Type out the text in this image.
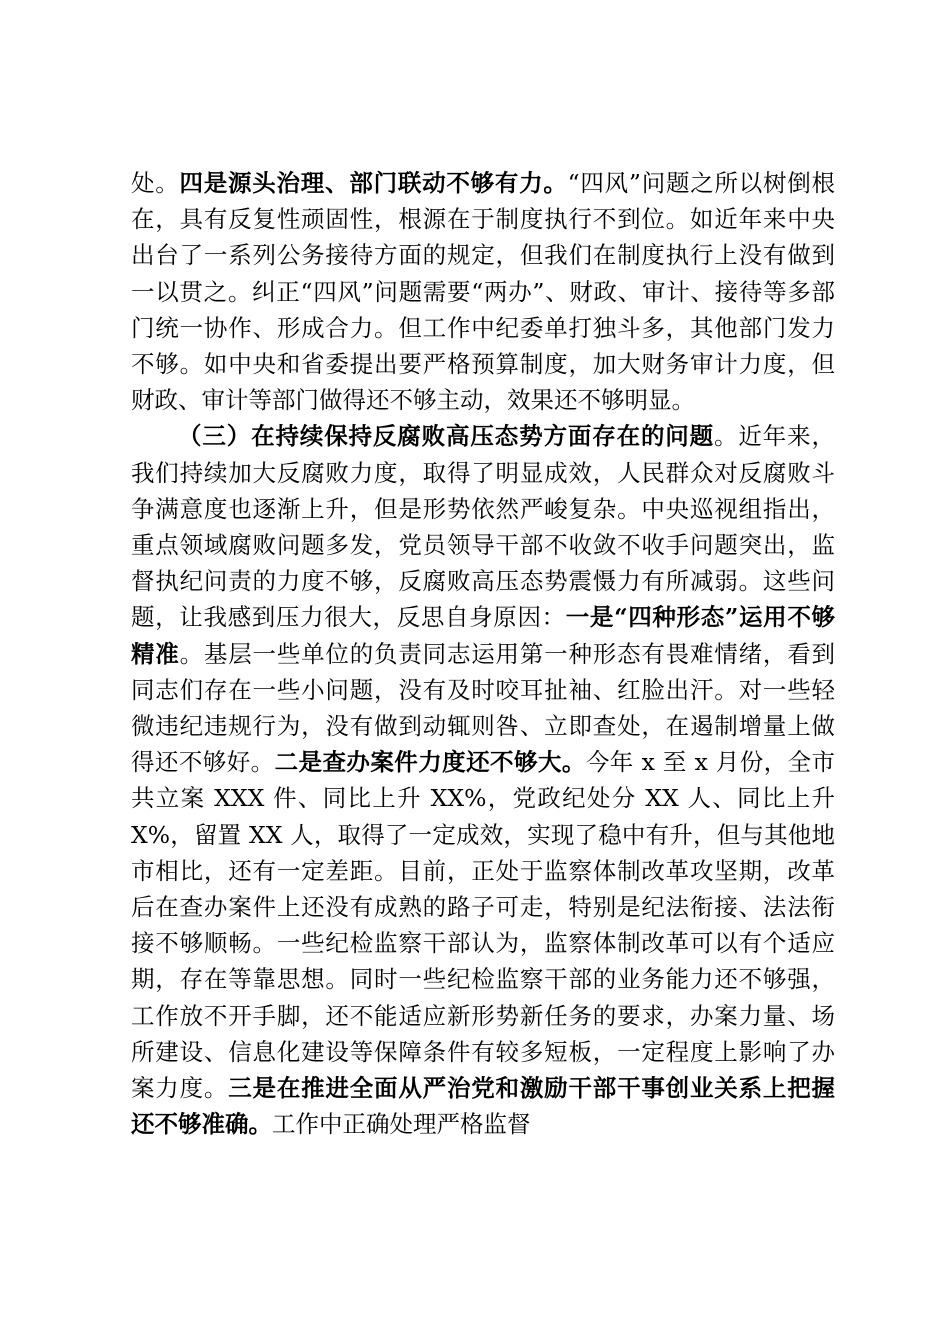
处。四是源头治理、部门联动不够有力。“四风”问题之所以树倒根在，具有反复性顽固性，根源在于制度执行不到位。如近年来中央出台了一系列公务接待方面的规定，但我们在制度执行上没有做到一以贯之。纠正“四风”问题需要“两办”、财政、审计、接待等多部门统一协作、形成合力。但工作中纪委单打独斗多，其他部门发力不够。如中央和省委提出要严格预算制度，加大财务审计力度，但财政、审计等部门做得还不够主动，效果还不够明显。

（三）在持续保持反腐败高压态势方面存在的问题。近年来，我们持续加大反腐败力度，取得了明显成效，人民群众对反腐败斗争满意度也逐渐上升，但是形势依然严峻复杂。中央巡视组指出，重点领域腐败问题多发，党员领导干部不收敛不收手问题突出，监督执纪问责的力度不够，反腐败高压态势震慑力有所减弱。这些问题，让我感到压力很大，反思自身原因：一是“四种形态”运用不够精准。基层一些单位的负责同志运用第一种形态有畏难情绪，看到同志们存在一些小问题，没有及时咬耳扯袖、红脸出汗。对一些轻微违纪违规行为，没有做到动辄则咎、立即查处，在遏制增量上做得还不够好。二是查办案件力度还不够大。今年 x 至 x 月份，全市共立案 XXX 件、同比上升 XX%，党政纪处分 XX 人、同比上升 X%，留置 XX 人，取得了一定成效，实现了稳中有升，但与其他地市相比，还有一定差距。目前，正处于监察体制改革攻坚期，改革后在查办案件上还没有成熟的路子可走，特别是纪法衔接、法法衔接不够顺畅。一些纪检监察干部认为，监察体制改革可以有个适应期，存在等靠思想。同时一些纪检监察干部的业务能力还不够强，工作放不开手脚，还不能适应新形势新任务的要求，办案力量、场所建设、信息化建设等保障条件有较多短板，一定程度上影响了办案力度。三是在推进全面从严治党和激励干部干事创业关系上把握还不够准确。工作中正确处理严格监督
